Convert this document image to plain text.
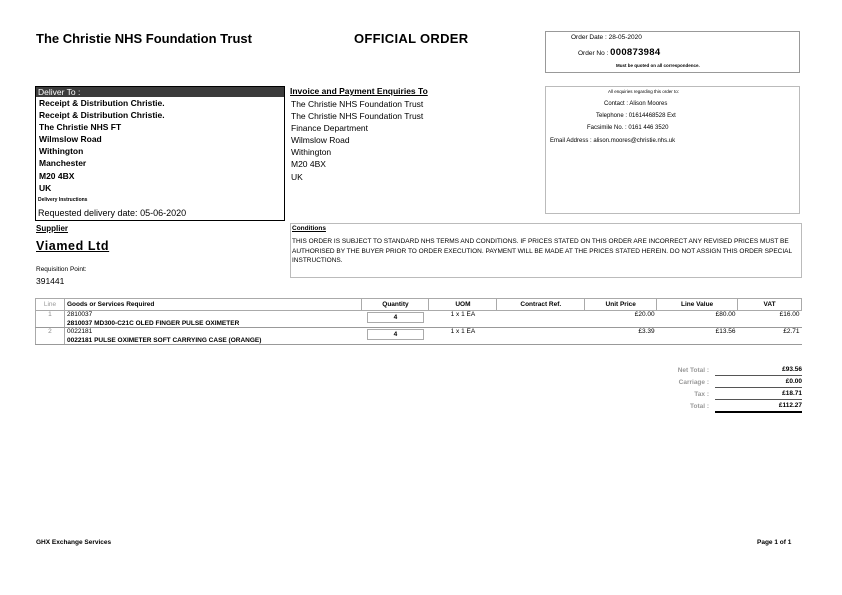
The Christie NHS Foundation Trust	OFFICIAL ORDER	Order Date : 28-05-2020
Order No : 000873984
Must be quoted on all correspondence.
Deliver To :
Receipt & Distribution Christie.
Receipt & Distribution Christie.
The Christie NHS FT
Wilmslow Road
Withington
Manchester
M20 4BX
UK
Delivery Instructions
Requested delivery date: 05-06-2020
Invoice and Payment Enquiries To
The Christie NHS Foundation Trust
The Christie NHS Foundation Trust
Finance Department
Wilmslow Road
Withington
M20 4BX
UK
All enquiries regarding this order to:
Contact : Alison Moores
Telephone : 01614468528 Ext
Facsimile No. : 0161 446 3520
Email Address : alison.moores@christie.nhs.uk
Supplier
Viamed Ltd
Requisition Point:
391441
Conditions
THIS ORDER IS SUBJECT TO STANDARD NHS TERMS AND CONDITIONS. IF PRICES STATED ON THIS ORDER ARE INCORRECT ANY REVISED PRICES MUST BE AUTHORISED BY THE BUYER PRIOR TO ORDER EXECUTION. PAYMENT WILL BE MADE AT THE PRICES STATED HEREIN. DO NOT ASSIGN THIS ORDER SPECIAL INSTRUCTIONS.
Line	Goods or Services Required	Quantity	UOM	Contract Ref.	Unit Price	Line Value	VAT
1	2810037
2810037 MD300-C21C OLED FINGER PULSE OXIMETER	4	1 x 1 EA		£20.00	£80.00	£16.00
2	0022181
0022181 PULSE OXIMETER SOFT CARRYING CASE (ORANGE)	4	1 x 1 EA		£3.39	£13.56	£2.71
Net Total :	£93.56
Carriage :	£0.00
Tax :	£18.71
Total :	£112.27
GHX Exchange Services	Page 1 of 1
